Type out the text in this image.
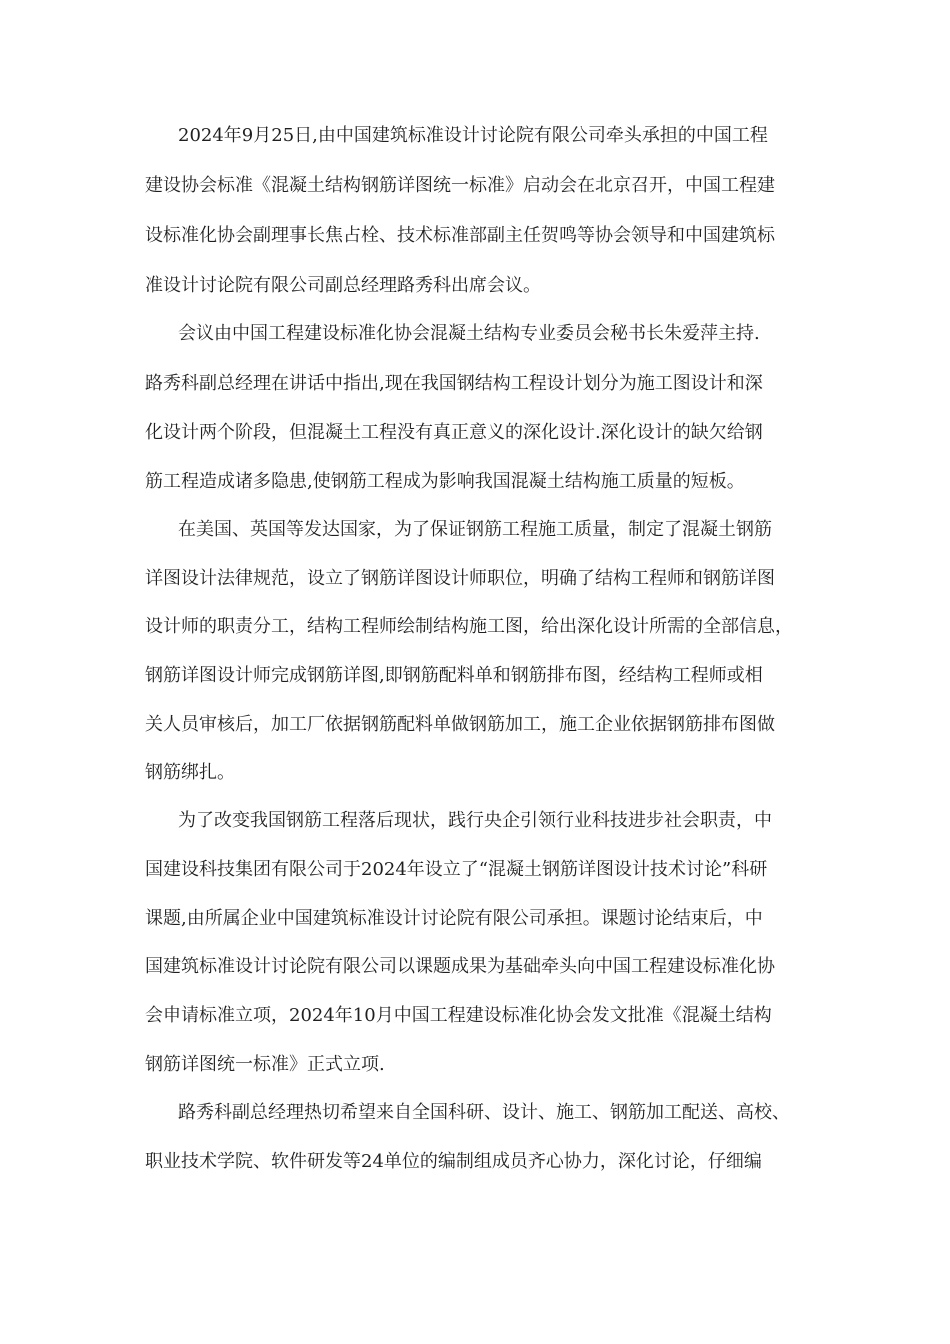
2024年9月25日,由中国建筑标准设计讨论院有限公司牵头承担的中国工程
建设协会标准《混凝土结构钢筋详图统一标准》启动会在北京召开，中国工程建
设标准化协会副理事长焦占栓、技术标准部副主任贺鸣等协会领导和中国建筑标
准设计讨论院有限公司副总经理路秀科出席会议。
会议由中国工程建设标准化协会混凝土结构专业委员会秘书长朱爱萍主持.
路秀科副总经理在讲话中指出,现在我国钢结构工程设计划分为施工图设计和深
化设计两个阶段，但混凝土工程没有真正意义的深化设计.深化设计的缺欠给钢
筋工程造成诸多隐患,使钢筋工程成为影响我国混凝土结构施工质量的短板。
在美国、英国等发达国家，为了保证钢筋工程施工质量，制定了混凝土钢筋
详图设计法律规范，设立了钢筋详图设计师职位，明确了结构工程师和钢筋详图
设计师的职责分工，结构工程师绘制结构施工图，给出深化设计所需的全部信息，
钢筋详图设计师完成钢筋详图,即钢筋配料单和钢筋排布图，经结构工程师或相
关人员审核后，加工厂依据钢筋配料单做钢筋加工，施工企业依据钢筋排布图做
钢筋绑扎。
为了改变我国钢筋工程落后现状，践行央企引领行业科技进步社会职责，中
国建设科技集团有限公司于2024年设立了“混凝土钢筋详图设计技术讨论”科研
课题,由所属企业中国建筑标准设计讨论院有限公司承担。课题讨论结束后，中
国建筑标准设计讨论院有限公司以课题成果为基础牵头向中国工程建设标准化协
会申请标准立项，2024年10月中国工程建设标准化协会发文批准《混凝土结构
钢筋详图统一标准》正式立项.
路秀科副总经理热切希望来自全国科研、设计、施工、钢筋加工配送、高校、
职业技术学院、软件研发等24单位的编制组成员齐心协力，深化讨论，仔细编
